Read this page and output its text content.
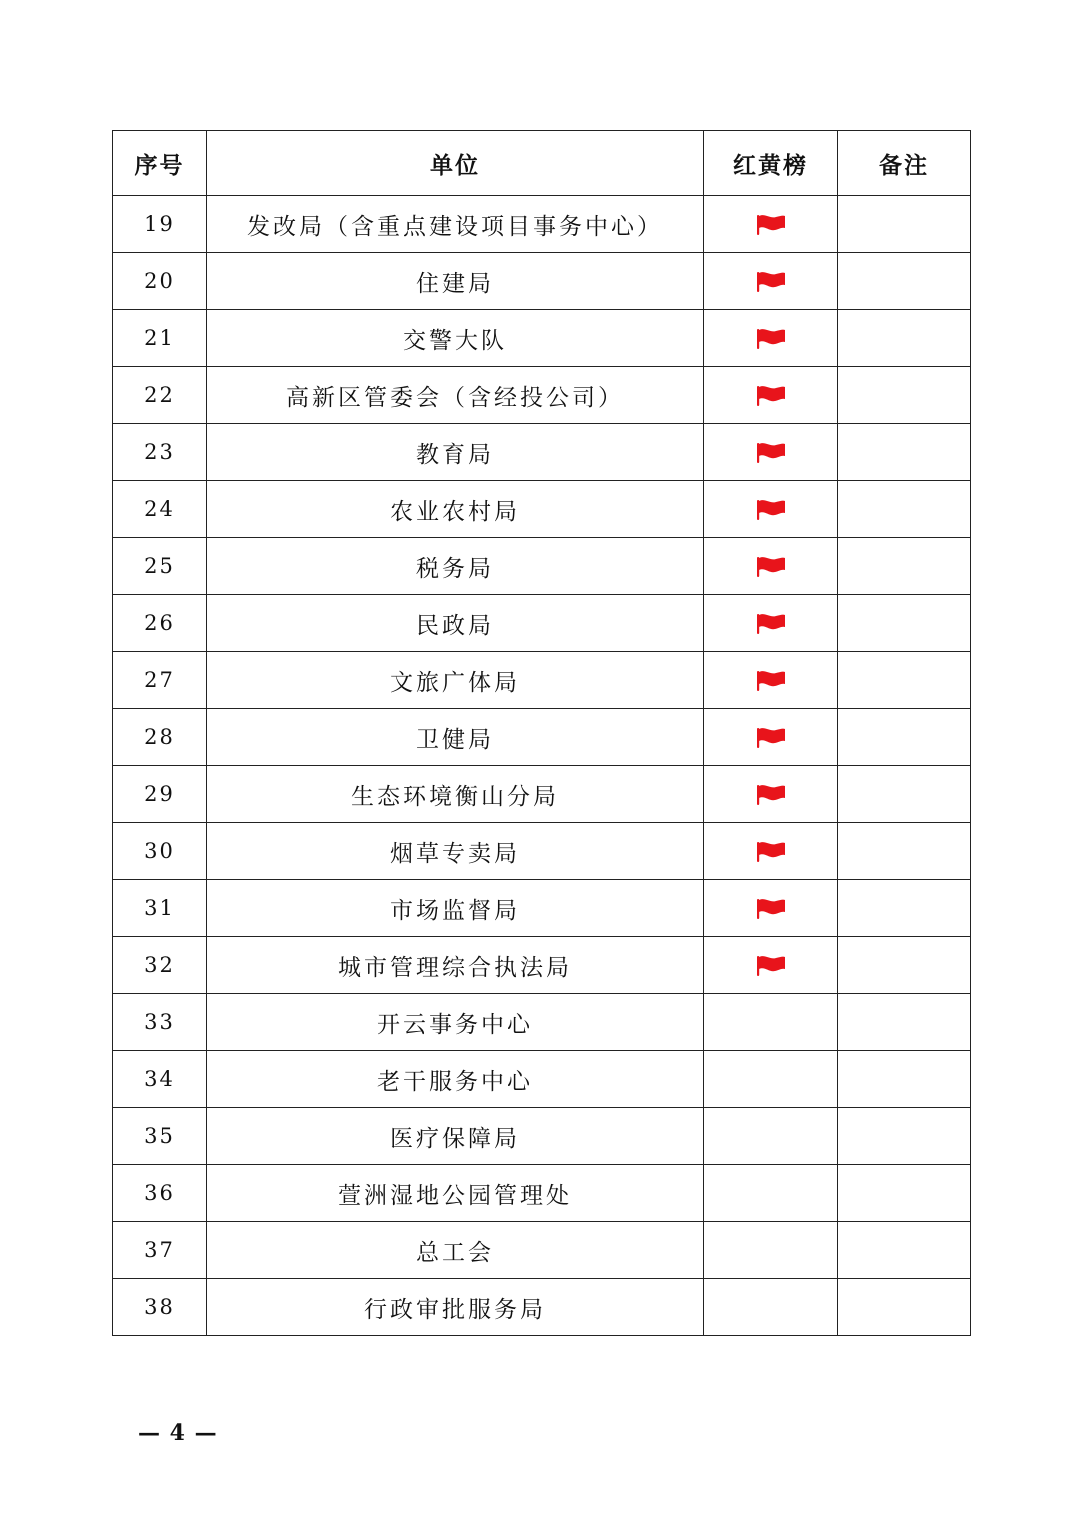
序号	单位	红黄榜	备注
19	发改局（含重点建设项目事务中心）		
20	住建局		
21	交警大队		
22	高新区管委会（含经投公司）		
23	教育局		
24	农业农村局		
25	税务局		
26	民政局		
27	文旅广体局		
28	卫健局		
29	生态环境衡山分局		
30	烟草专卖局		
31	市场监督局		
32	城市管理综合执法局		
33	开云事务中心		
34	老干服务中心		
35	医疗保障局		
36	萱洲湿地公园管理处		
37	总工会		
38	行政审批服务局		
— 4 —
